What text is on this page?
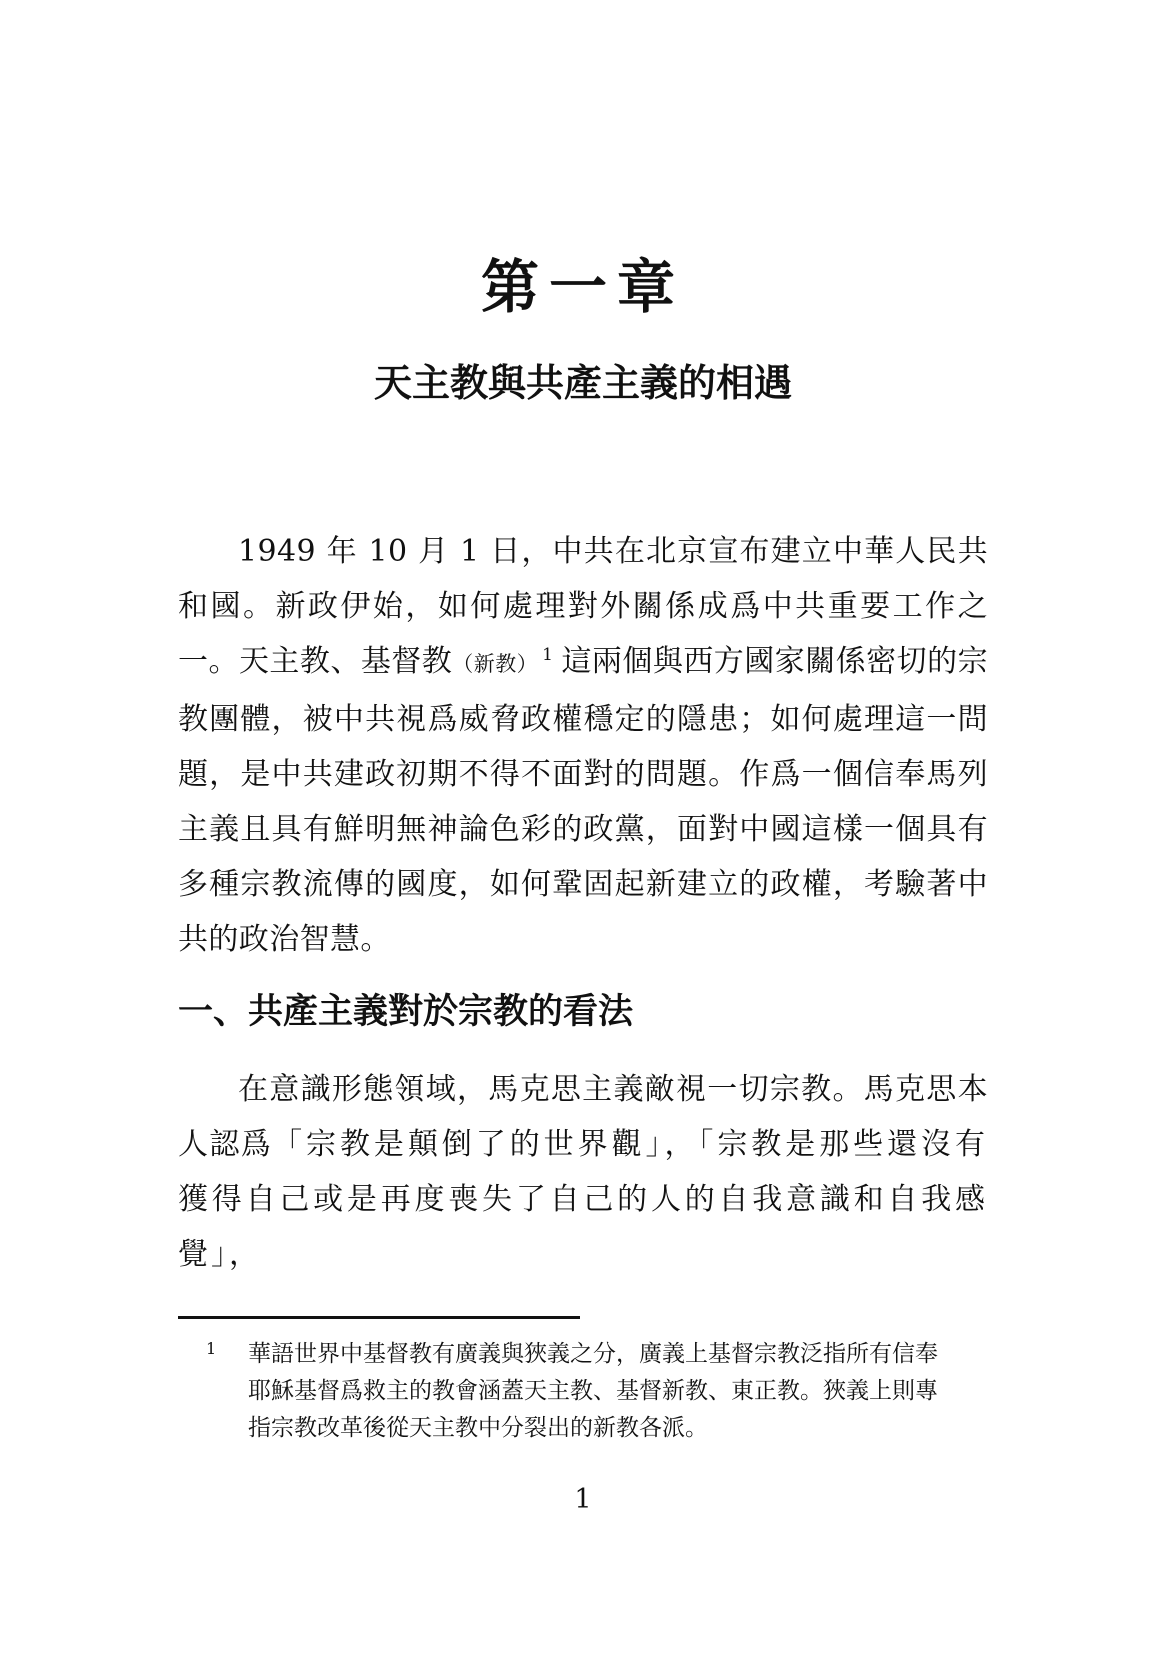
第一章
天主教與共產主義的相遇

1949 年 10 月 1 日，中共在北京宣布建立中華人民共和國。新政伊始，如何處理對外關係成爲中共重要工作之一。天主教、基督教（新教） $^1$ 這兩個與西方國家關係密切的宗教團體，被中共視爲威脅政權穩定的隱患；如何處理這一問題，是中共建政初期不得不面對的問題。作爲一個信奉馬列主義且具有鮮明無神論色彩的政黨，面對中國這樣一個具有多種宗教流傳的國度，如何鞏固起新建立的政權，考驗著中共的政治智慧。

一、共產主義對於宗教的看法

在意識形態領域，馬克思主義敵視一切宗教。馬克思本人認爲「宗教是顛倒了的世界觀」，「宗教是那些還沒有獲得自己或是再度喪失了自己的人的自我意識和自我感覺」，

1	華語世界中基督教有廣義與狹義之分，廣義上基督宗教泛指所有信奉耶穌基督爲救主的教會涵蓋天主教、基督新教、東正教。狹義上則專指宗教改革後從天主教中分裂出的新教各派。

1
